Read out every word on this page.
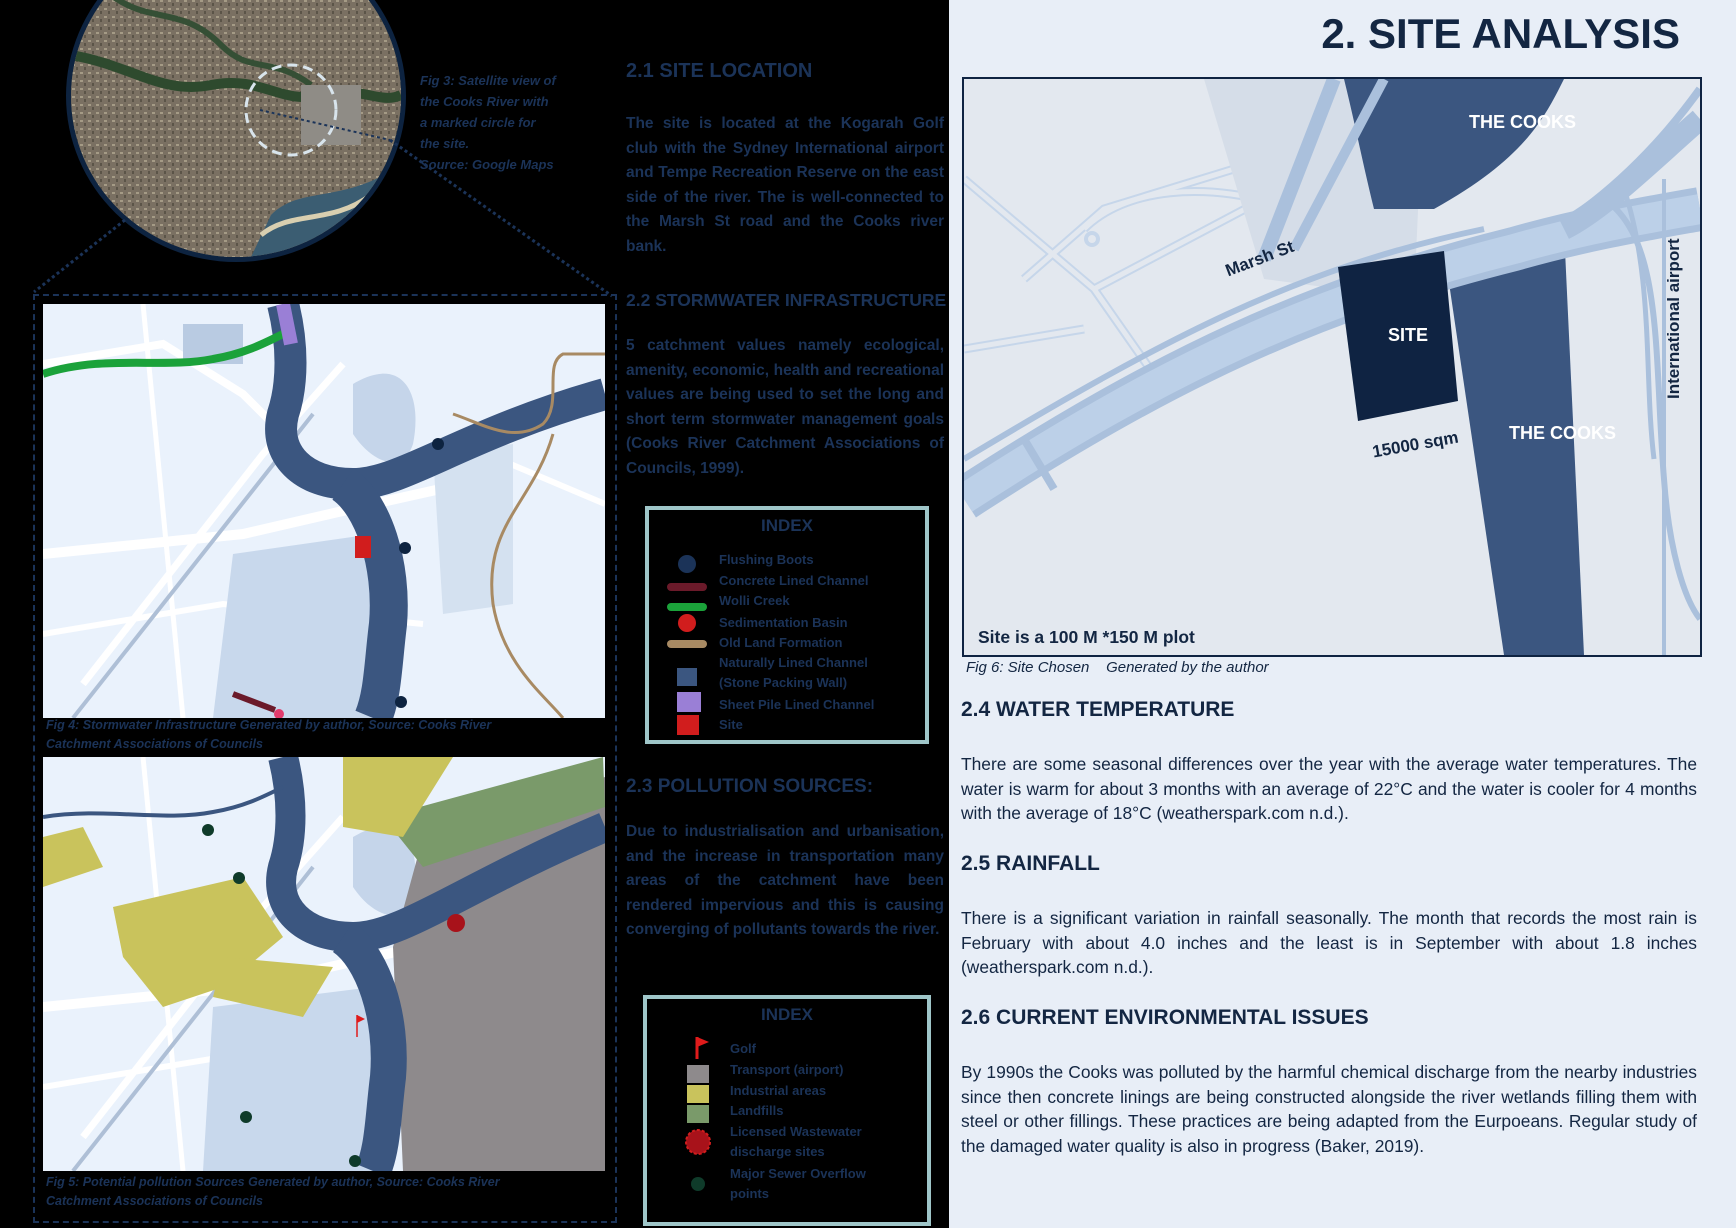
Fig 3: Satellite view of
the Cooks River with
a marked circle for
the site.
Source: Google Maps
Fig 4: Stormwater Infrastructure Generated by author, Source: Cooks River
Catchment Associations of Councils
Fig 5: Potential pollution Sources Generated by author, Source: Cooks River
Catchment Associations of Councils
2.1 SITE LOCATION
The site is located at the Kogarah Golf club with the Sydney International airport and Tempe Recreation Reserve on the east side of the river. The is well-connected to the Marsh St road and the Cooks river bank.
2.2 STORMWATER INFRASTRUCTURE
5 catchment values namely ecological, amenity, economic, health and recreational values are being used to set the long and short term stormwater management goals (Cooks River Catchment Associations of Councils, 1999).
INDEX
Flushing Boots
Concrete Lined Channel
Wolli Creek
Sedimentation Basin
Old Land Formation
Naturally Lined Channel
(Stone Packing Wall)
Sheet Pile Lined Channel
Site
2.3 POLLUTION SOURCES:
Due to industrialisation and urbanisation, and the increase in transportation many areas of the catchment have been rendered impervious and this is causing converging of pollutants towards the river.
INDEX
Golf
Transport (airport)
Industrial areas
Landfills
Licensed Wastewater
discharge sites
Major Sewer Overflow
points
2. SITE ANALYSIS
THE COOKS
THE COOKS
Marsh St
SITE
15000 sqm
International airport
Site is a 100 M *150 M plot
Fig 6: Site Chosen    Generated by the author
2.4 WATER TEMPERATURE
There are some seasonal differences over the year with the average water temperatures. The water is warm for about 3 months with an average of 22°C and the water is cooler for 4 months with the average of 18°C (weatherspark.com n.d.).
2.5 RAINFALL
There is a significant variation in rainfall seasonally. The month that records the most rain is February with about 4.0 inches and the least is in September with about 1.8 inches (weatherspark.com n.d.).
2.6 CURRENT ENVIRONMENTAL ISSUES
By 1990s the Cooks was polluted by the harmful chemical discharge from the nearby industries since then concrete linings are being constructed alongside the river wetlands filling them with steel or other fillings. These practices are being adapted from the Eurpoeans. Regular study of the damaged water quality is also in progress (Baker, 2019).
